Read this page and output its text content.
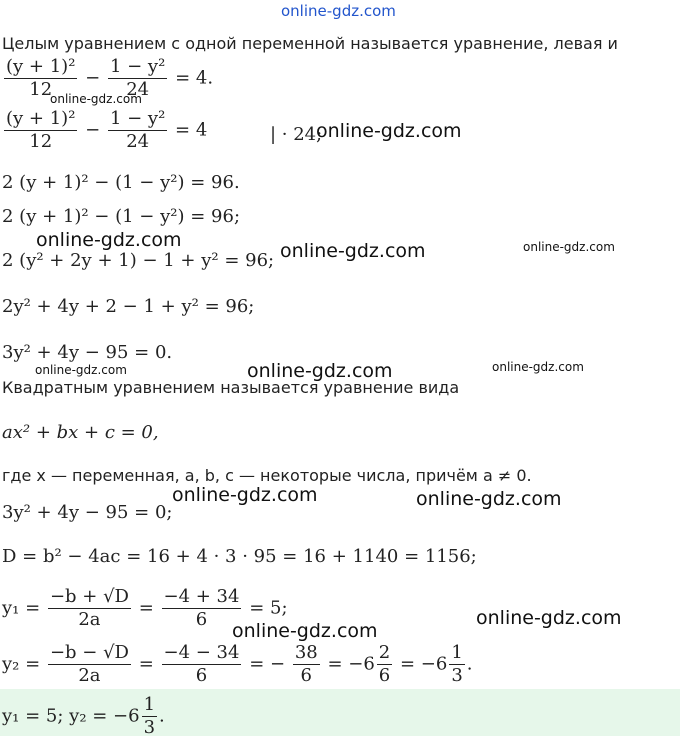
online-gdz.com
Целым уравнением с одной переменной называется уравнение, левая и
$\frac{\text{(y + 1)²}}{12} - \frac{\text{1 − y²}}{24} = 4$.
$\frac{\text{(y + 1)²}}{12} - \frac{\text{1 − y²}}{24} = 4$	| · 24;
2 (y + 1)² − (1 − y²) = 96.
2 (y + 1)² − (1 − y²) = 96;
2 (y² + 2y + 1) − 1 + y² = 96;
2y² + 4y + 2 − 1 + y² = 96;
3y² + 4y − 95 = 0.
Квадратным уравнением называется уравнение вида
ax² + bx + c = 0,
где x — переменная, a, b, c — некоторые числа, причём a ≠ 0.
3y² + 4y − 95 = 0;
D = b² − 4ac = 16 + 4 · 3 · 95 = 16 + 1140 = 1156;
$y_1 = \frac{-b + √D}{2a} = \frac{-4 + 34}{6} = 5$;
$y_2 = \frac{-b - √D}{2a} = \frac{-4 - 34}{6}$ = − $\frac{38}{6} = -6 \frac{2}{6} = -6 \frac{1}{3}$ .
y₁ = 5; $y_2 = -6 \frac{1}{3}$ .
online-gdz.com
online-gdz.com
online-gdz.com	online-gdz.com	online-gdz.com
online-gdz.com	online-gdz.com	online-gdz.com
online-gdz.com	online-gdz.com
online-gdz.com
online-gdz.com
